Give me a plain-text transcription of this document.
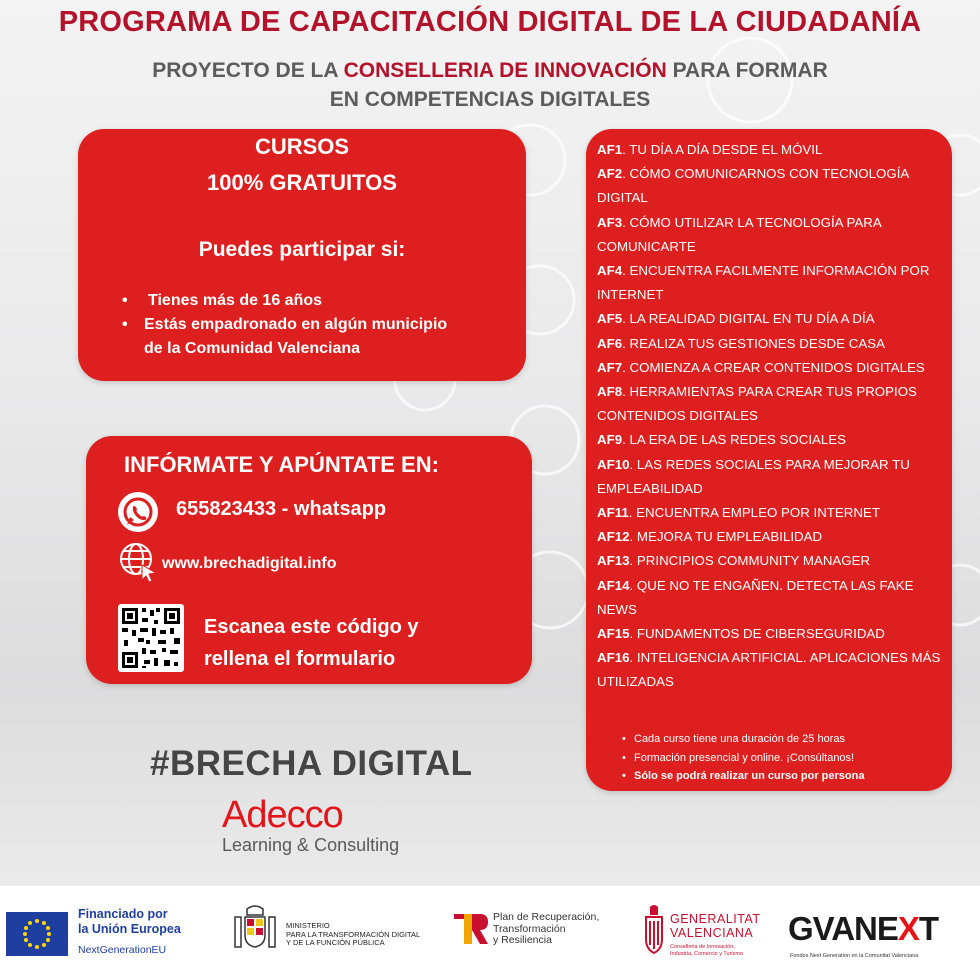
PROGRAMA DE CAPACITACIÓN DIGITAL DE LA CIUDADANÍA
PROYECTO DE LA CONSELLERIA DE INNOVACIÓN PARA FORMAR
EN COMPETENCIAS DIGITALES
CURSOS
100% GRATUITOS
Puedes participar si:
• Tienes más de 16 años
• Estás empadronado en algún municipio
de la Comunidad Valenciana
INFÓRMATE Y APÚNTATE EN:
655823433 - whatsapp
www.brechadigital.info
Escanea este código y
rellena el formulario
AF1. TU DÍA A DÍA DESDE EL MÓVIL
AF2. CÓMO COMUNICARNOS CON TECNOLOGÍA DIGITAL
AF3. CÓMO UTILIZAR LA TECNOLOGÍA PARA COMUNICARTE
AF4. ENCUENTRA FACILMENTE INFORMACIÓN POR INTERNET
AF5. LA REALIDAD DIGITAL EN TU DÍA A DÍA
AF6. REALIZA TUS GESTIONES DESDE CASA
AF7. COMIENZA A CREAR CONTENIDOS DIGITALES
AF8. HERRAMIENTAS PARA CREAR TUS PROPIOS CONTENIDOS DIGITALES
AF9. LA ERA DE LAS REDES SOCIALES
AF10. LAS REDES SOCIALES PARA MEJORAR TU EMPLEABILIDAD
AF11. ENCUENTRA EMPLEO POR INTERNET
AF12. MEJORA TU EMPLEABILIDAD
AF13. PRINCIPIOS COMMUNITY MANAGER
AF14. QUE NO TE ENGAÑEN. DETECTA LAS FAKE NEWS
AF15. FUNDAMENTOS DE CIBERSEGURIDAD
AF16. INTELIGENCIA ARTIFICIAL. APLICACIONES MÁS UTILIZADAS
• Cada curso tiene una duración de 25 horas
• Formación presencial y online. ¡Consúltanos!
• Sólo se podrá realizar un curso por persona
#BRECHA DIGITAL
Adecco
Learning & Consulting
Financiado por
la Unión Europea
NextGenerationEU
MINISTERIO
PARA LA TRANSFORMACIÓN DIGITAL
Y DE LA FUNCIÓN PÚBLICA
Plan de Recuperación,
Transformación
y Resiliencia
GENERALITAT
VALENCIANA
Conselleria de Innovación,
Industria, Comercio y Turismo
GVANEXT
Fondos Next Generation en la Comunitat Valenciana
